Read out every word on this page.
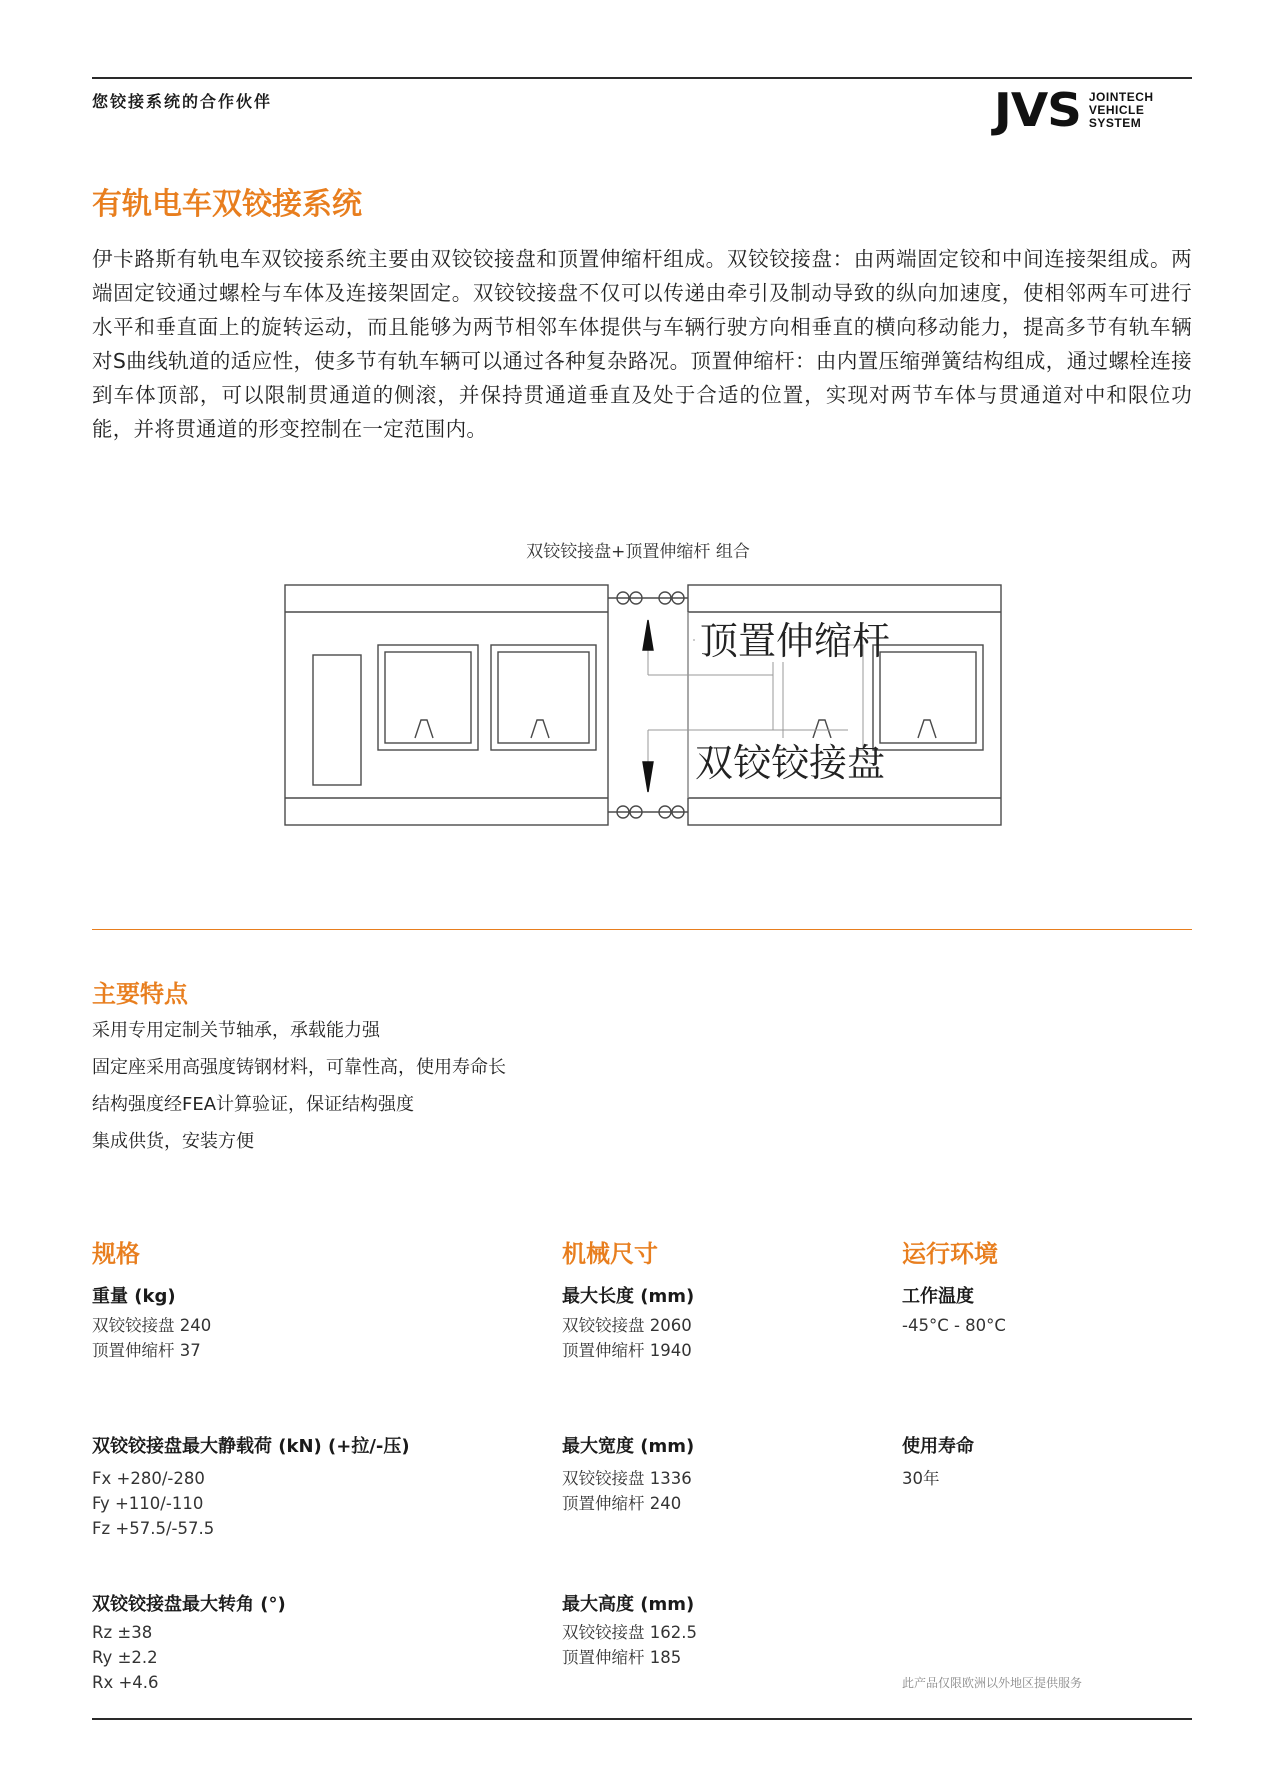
您铰接系统的合作伙伴	JVS JOINTECH
VEHICLE
SYSTEM
有轨电车双铰接系统
伊卡路斯有轨电车双铰接系统主要由双铰铰接盘和顶置伸缩杆组成。双铰铰接盘：由两端固定铰和中间连接架组成。两端固定铰通过螺栓与车体及连接架固定。双铰铰接盘不仅可以传递由牵引及制动导致的纵向加速度，使相邻两车可进行水平和垂直面上的旋转运动，而且能够为两节相邻车体提供与车辆行驶方向相垂直的横向移动能力，提高多节有轨车辆对S曲线轨道的适应性，使多节有轨车辆可以通过各种复杂路况。顶置伸缩杆：由内置压缩弹簧结构组成，通过螺栓连接到车体顶部，可以限制贯通道的侧滚，并保持贯通道垂直及处于合适的位置，实现对两节车体与贯通道对中和限位功能，并将贯通道的形变控制在一定范围内。
双铰铰接盘+顶置伸缩杆 组合
顶置伸缩杆
双铰铰接盘
主要特点
采用专用定制关节轴承，承载能力强
固定座采用高强度铸钢材料，可靠性高，使用寿命长
结构强度经FEA计算验证，保证结构强度
集成供货，安装方便
规格
重量 (kg)
双铰铰接盘 240
顶置伸缩杆 37
双铰铰接盘最大静载荷 (kN) (+拉/-压)
Fx +280/-280
Fy +110/-110
Fz +57.5/-57.5
双铰铰接盘最大转角 (°)
Rz ±38
Ry ±2.2
Rx +4.6
机械尺寸
最大长度 (mm)
双铰铰接盘 2060
顶置伸缩杆 1940
最大宽度 (mm)
双铰铰接盘 1336
顶置伸缩杆 240
最大高度 (mm)
双铰铰接盘 162.5
顶置伸缩杆 185
运行环境
工作温度
-45°C - 80°C
使用寿命
30年
此产品仅限欧洲以外地区提供服务
